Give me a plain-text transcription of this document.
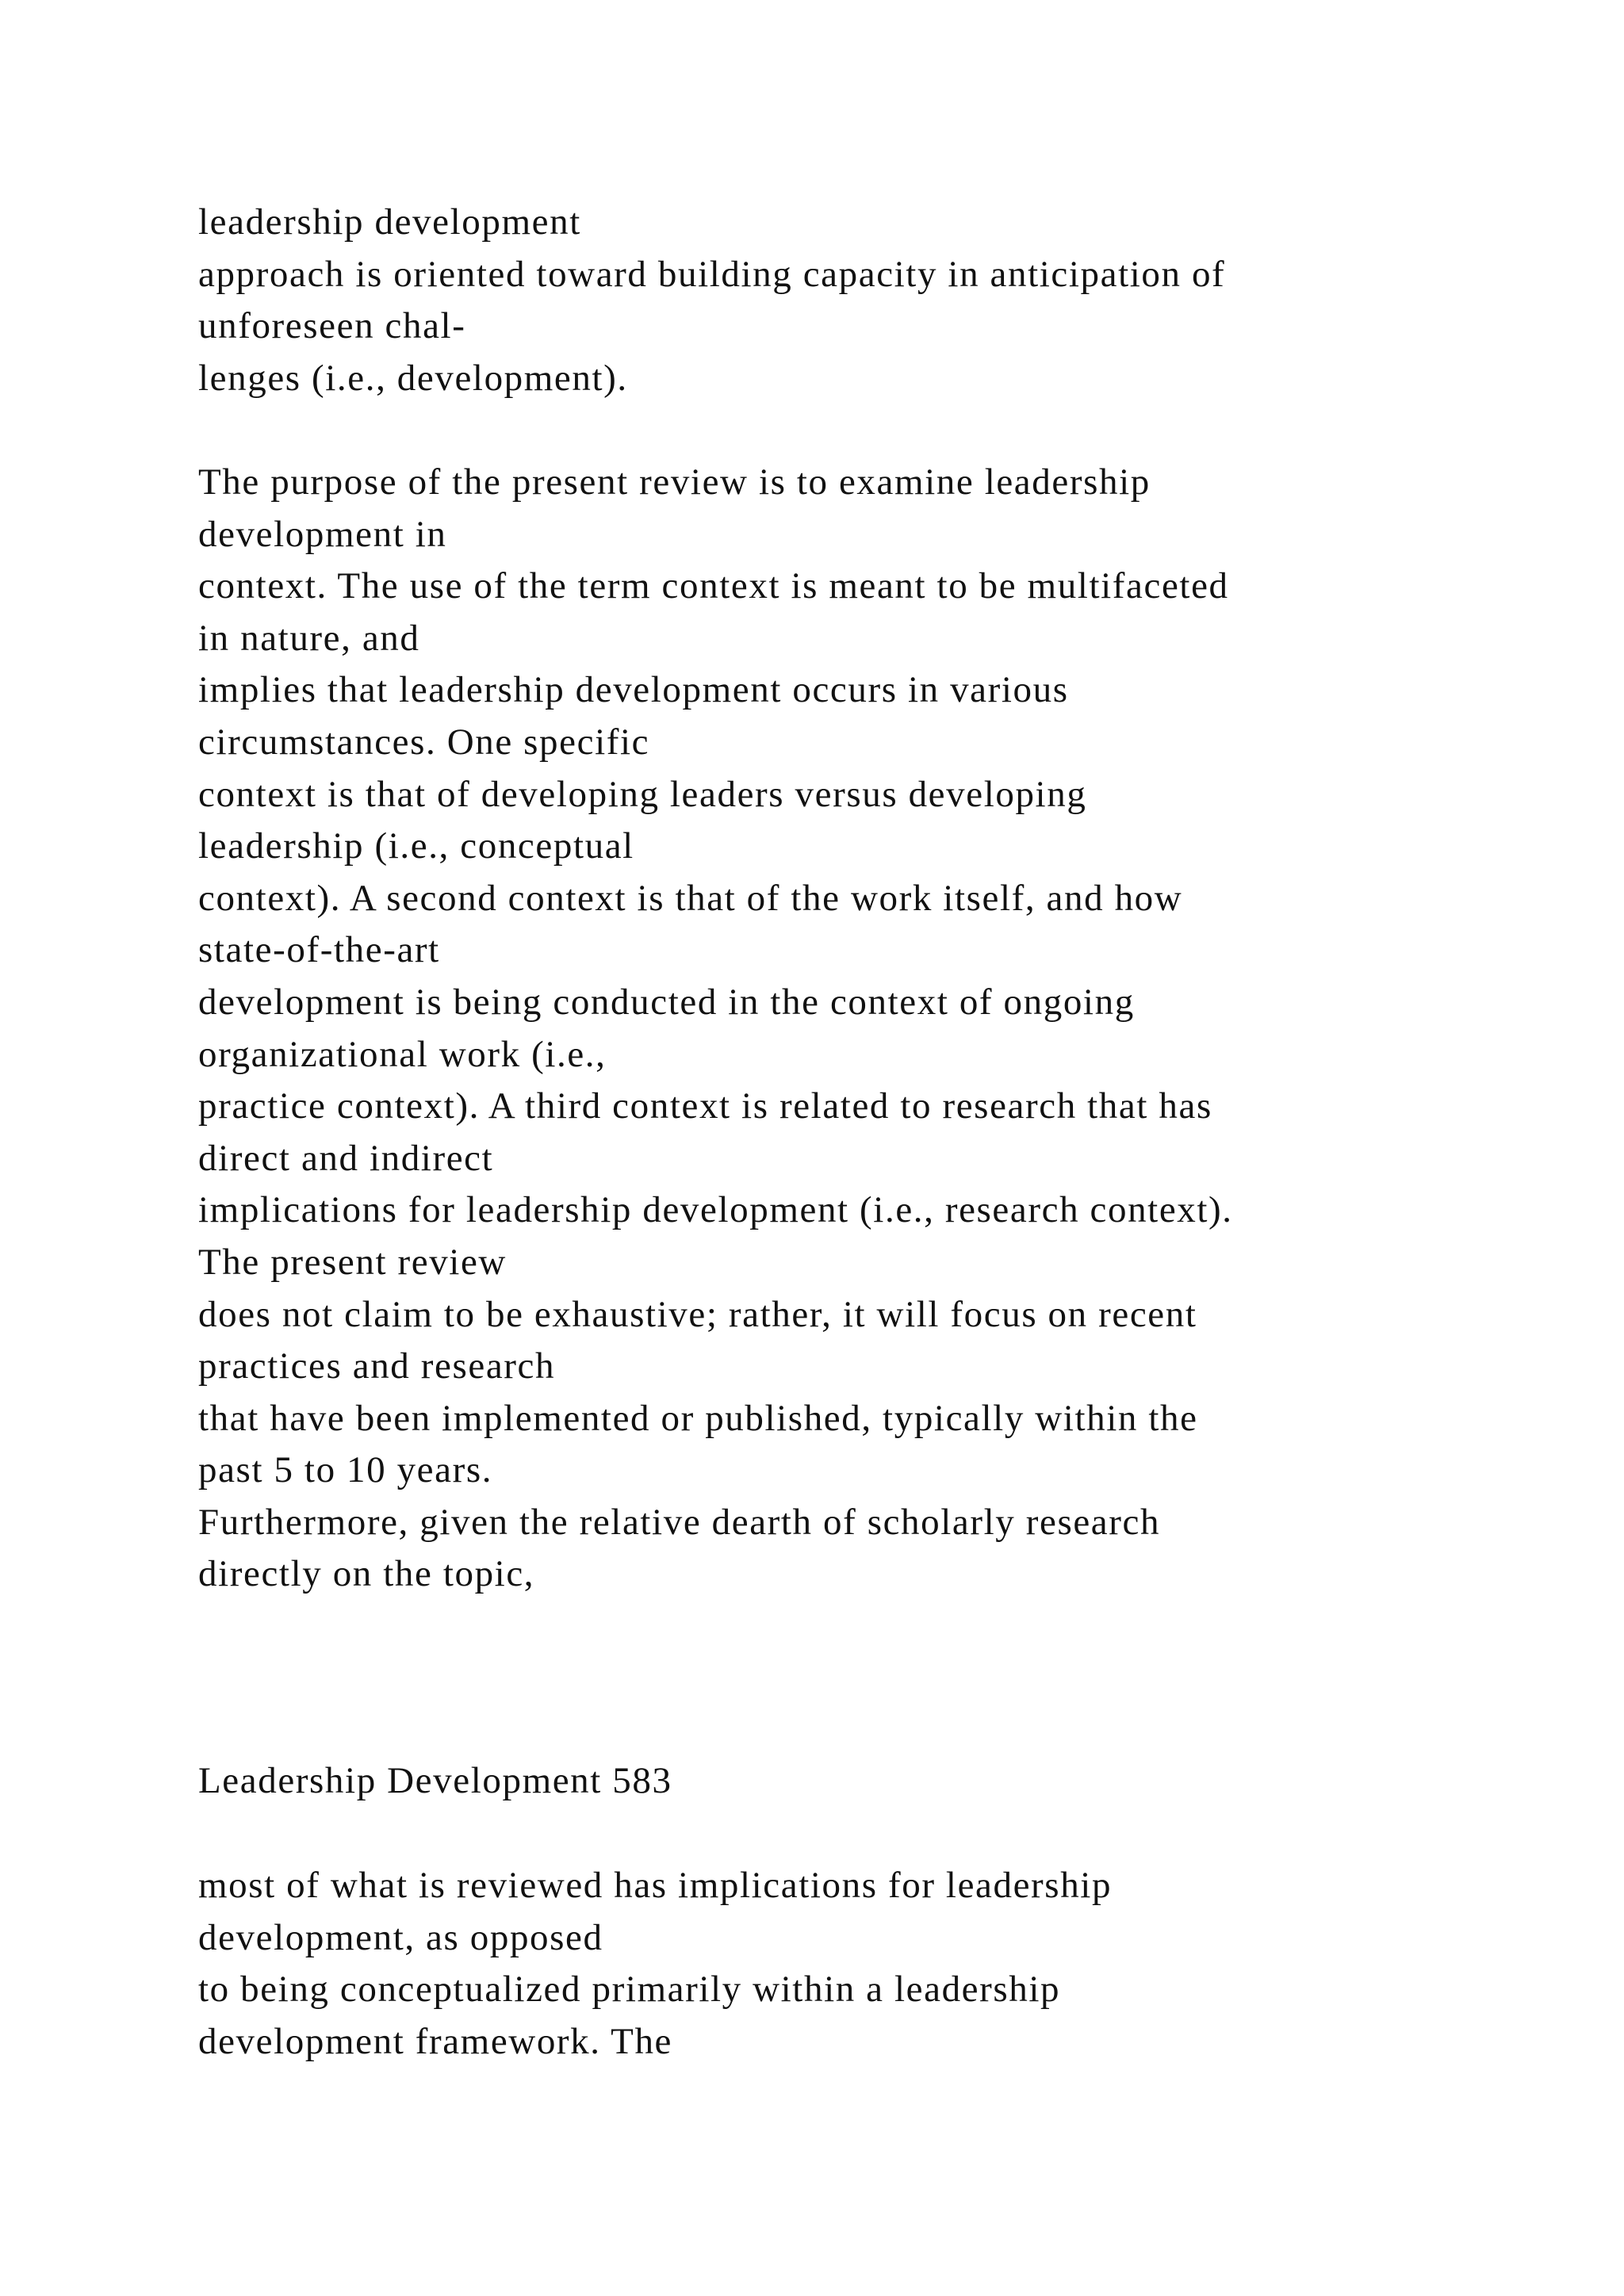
leadership development
approach is oriented toward building capacity in anticipation of
unforeseen chal-
lenges (i.e., development).
The purpose of the present review is to examine leadership
development in
context. The use of the term context is meant to be multifaceted
in nature, and
implies that leadership development occurs in various
circumstances. One specific
context is that of developing leaders versus developing
leadership (i.e., conceptual
context). A second context is that of the work itself, and how
state-of-the-art
development is being conducted in the context of ongoing
organizational work (i.e.,
practice context). A third context is related to research that has
direct and indirect
implications for leadership development (i.e., research context).
The present review
does not claim to be exhaustive; rather, it will focus on recent
practices and research
that have been implemented or published, typically within the
past 5 to 10 years.
Furthermore, given the relative dearth of scholarly research
directly on the topic,
Leadership Development 583
most of what is reviewed has implications for leadership
development, as opposed
to being conceptualized primarily within a leadership
development framework. The
